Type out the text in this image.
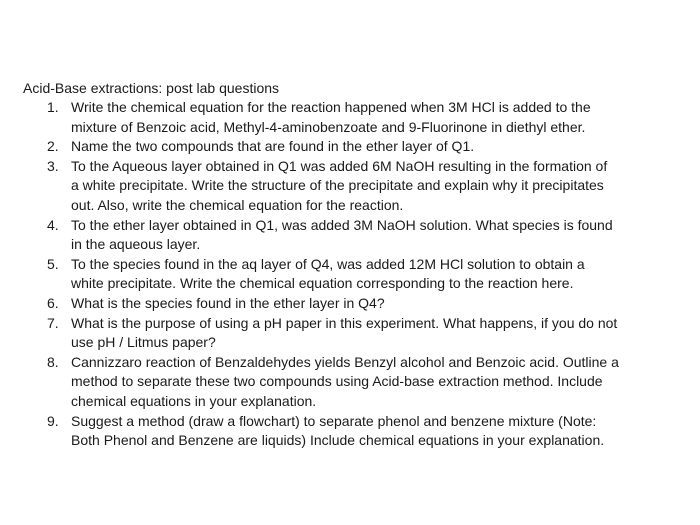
Acid-Base extractions: post lab questions
1. Write the chemical equation for the reaction happened when 3M HCl is added to the
mixture of Benzoic acid, Methyl-4-aminobenzoate and 9-Fluorinone in diethyl ether.
2. Name the two compounds that are found in the ether layer of Q1.
3. To the Aqueous layer obtained in Q1 was added 6M NaOH resulting in the formation of
a white precipitate. Write the structure of the precipitate and explain why it precipitates
out. Also, write the chemical equation for the reaction.
4. To the ether layer obtained in Q1, was added 3M NaOH solution. What species is found
in the aqueous layer.
5. To the species found in the aq layer of Q4, was added 12M HCl solution to obtain a
white precipitate. Write the chemical equation corresponding to the reaction here.
6. What is the species found in the ether layer in Q4?
7. What is the purpose of using a pH paper in this experiment. What happens, if you do not
use pH / Litmus paper?
8. Cannizzaro reaction of Benzaldehydes yields Benzyl alcohol and Benzoic acid. Outline a
method to separate these two compounds using Acid-base extraction method. Include
chemical equations in your explanation.
9. Suggest a method (draw a flowchart) to separate phenol and benzene mixture (Note:
Both Phenol and Benzene are liquids) Include chemical equations in your explanation.
